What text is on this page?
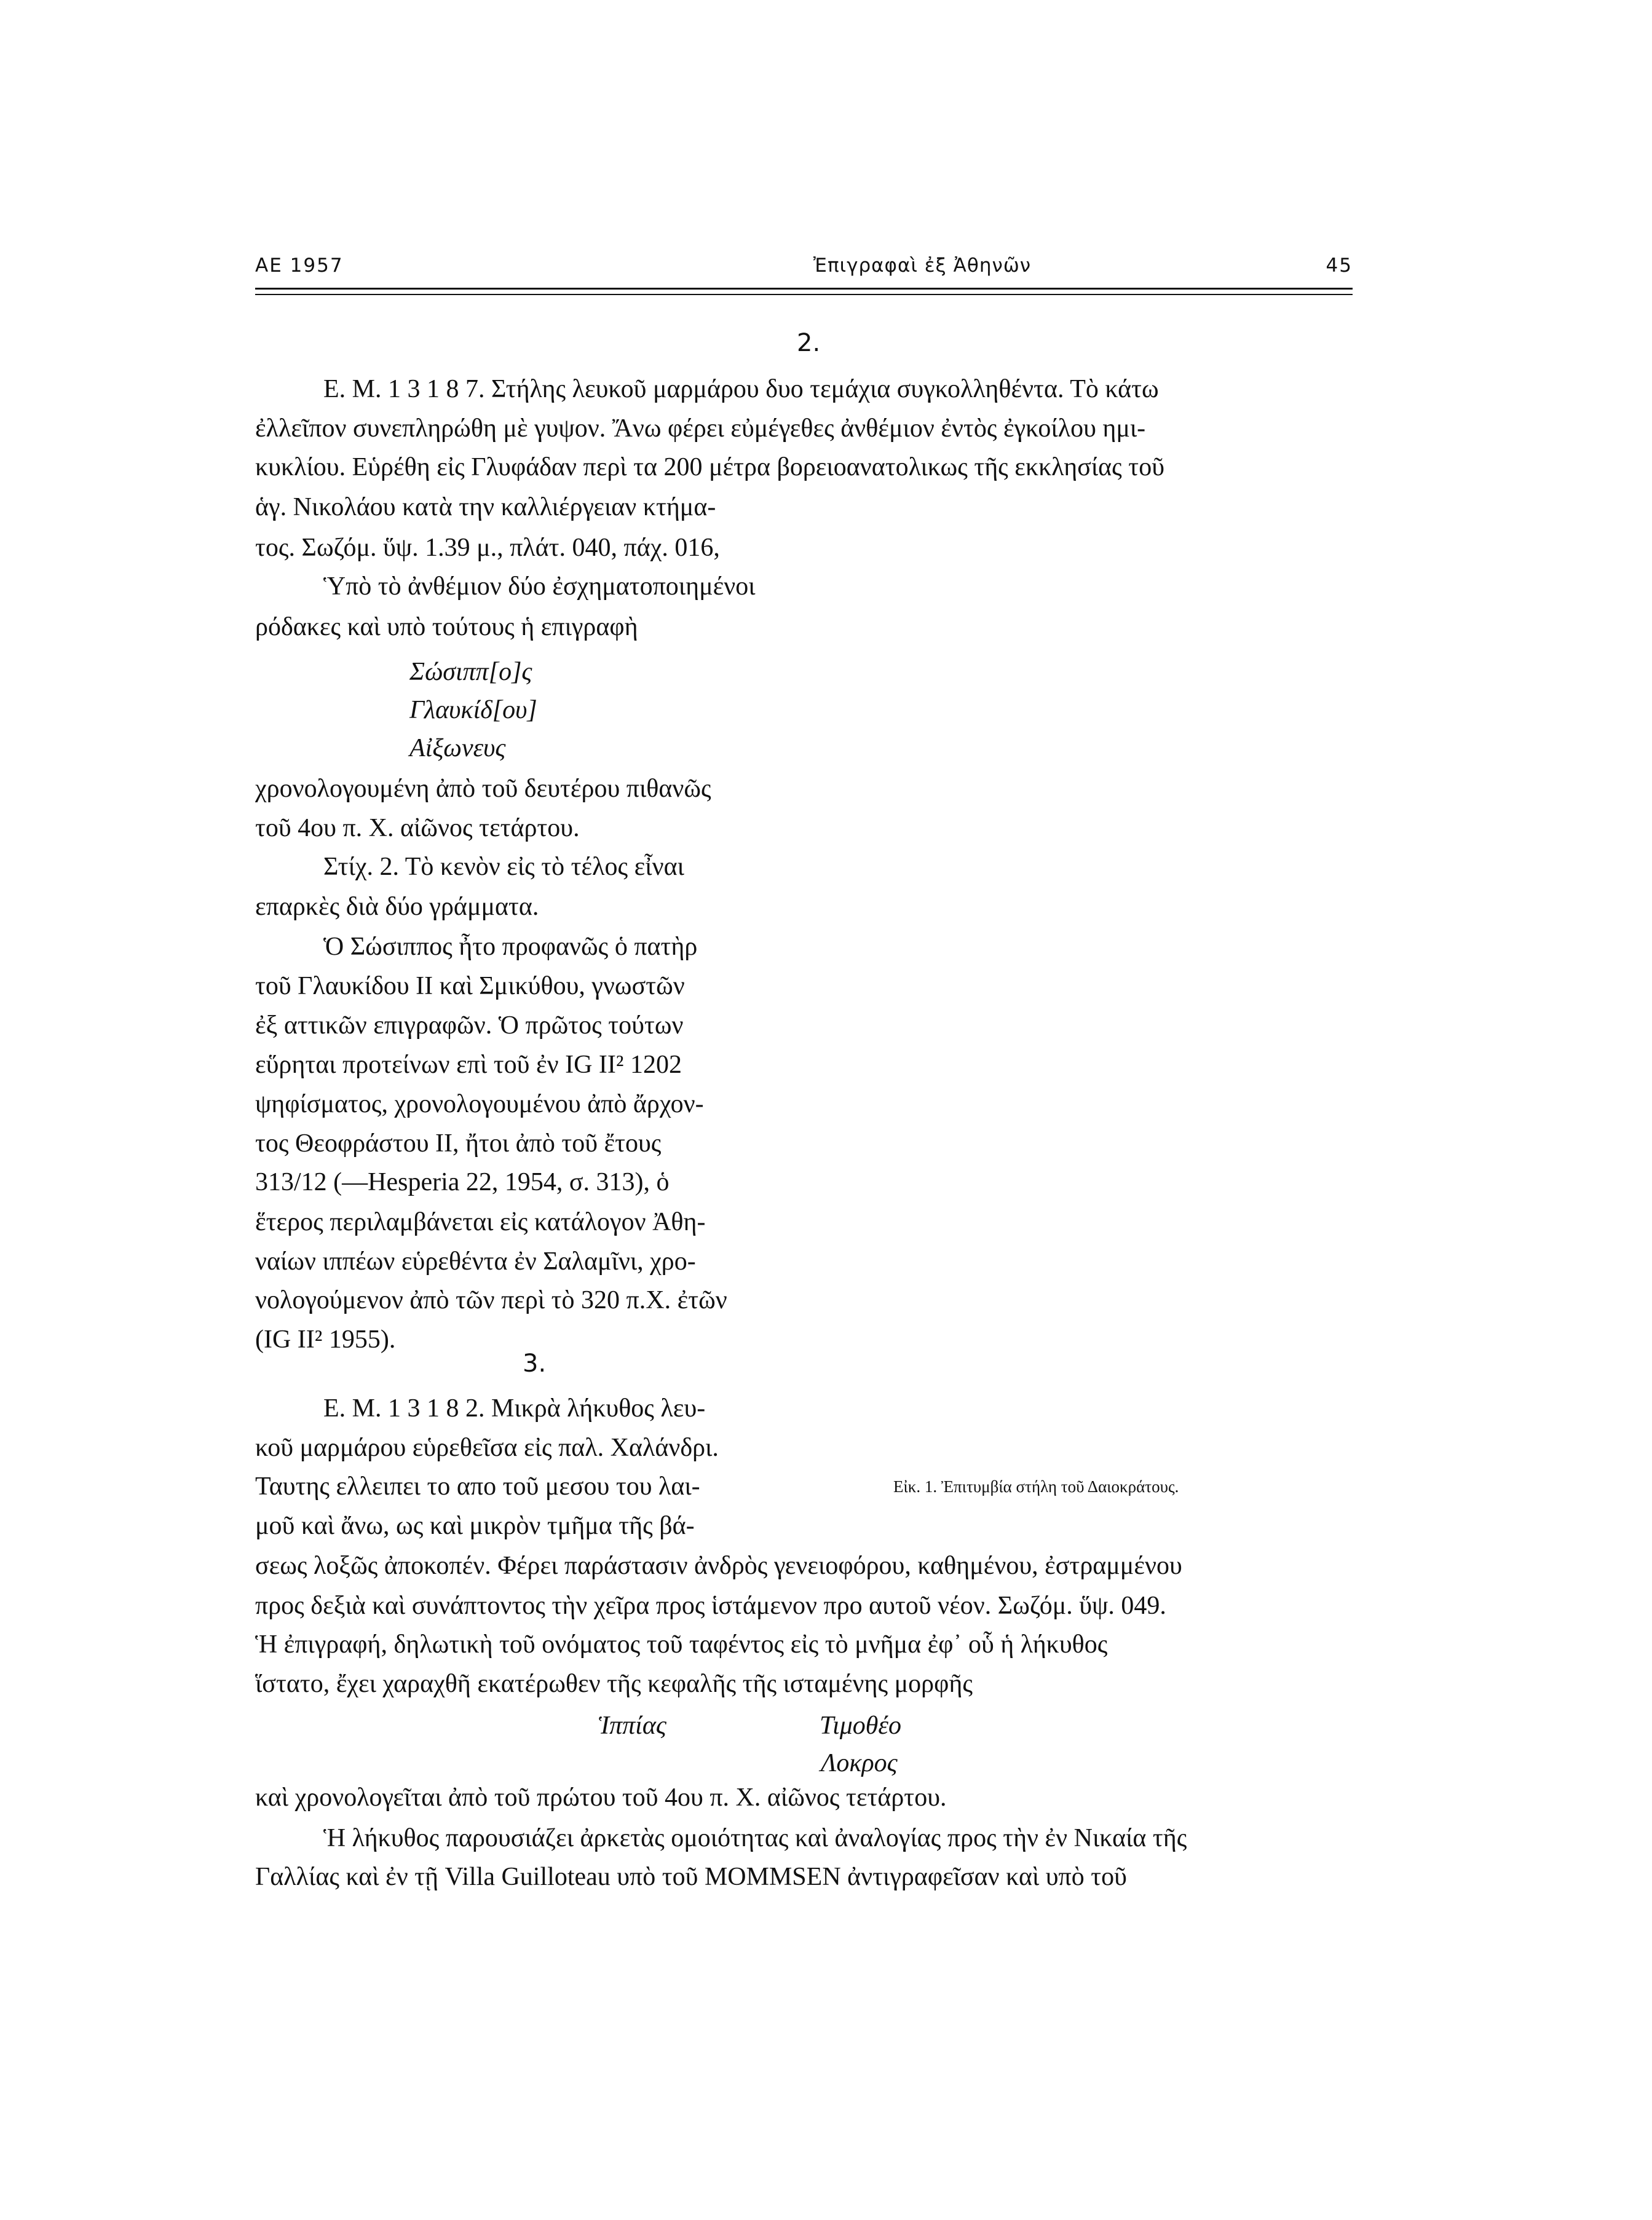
ΑΕ 1957	Ἐπιγραφαὶ ἐξ Ἀθηνῶν	45
2.
Ε. Μ. 1 3 1 8 7. Στήλης λευκοῦ μαρμάρου δυο τεμάχια συγκολληθέντα. Τὸ κάτω
ἐλλεῖπον συνεπληρώθη μὲ γυψον. Ἄνω φέρει εὐμέγεθες ἀνθέμιον ἐντὸς ἐγκοίλου ημι-
κυκλίου. Εὑρέθη εἰς Γλυφάδαν περὶ τα 200 μέτρα βορειοανατολικως τῆς εκκλησίας τοῦ
ἁγ. Νικολάου κατὰ την καλλιέργειαν κτήμα-
τος. Σωζόμ. ὕψ. 1.39 μ., πλάτ. 040, πάχ. 016,
Ὑπὸ τὸ ἀνθέμιον δύο ἐσχηματοποιημένοι
ρόδακες καὶ υπὸ τούτους ἡ επιγραφὴ
Σώσιππ[ο]ς
Γλαυκίδ[ου]
Αἰξωνευς
χρονολογουμένη ἀπὸ τοῦ δευτέρου πιθανῶς
τοῦ 4ου π. Χ. αἰῶνος τετάρτου.
Στίχ. 2. Τὸ κενὸν εἰς τὸ τέλος εἶναι
επαρκὲς διὰ δύο γράμματα.
Ὁ Σώσιππος ἦτο προφανῶς ὁ πατὴρ
τοῦ Γλαυκίδου ΙΙ καὶ Σμικύθου, γνωστῶν
ἐξ αττικῶν επιγραφῶν. Ὁ πρῶτος τούτων
εὕρηται προτείνων επὶ τοῦ ἐν IG II² 1202
ψηφίσματος, χρονολογουμένου ἀπὸ ἄρχον-
τος Θεοφράστου ΙΙ, ἤτοι ἀπὸ τοῦ ἔτους
313/12 (—Hesperia 22, 1954, σ. 313), ὁ
ἕτερος περιλαμβάνεται εἰς κατάλογον Ἀθη-
ναίων ιππέων εὑρεθέντα ἐν Σαλαμῖνι, χρο-
νολογούμενον ἀπὸ τῶν περὶ τὸ 320 π.Χ. ἐτῶν
(IG II² 1955).
3.
Ε. Μ. 1 3 1 8 2. Μικρὰ λήκυθος λευ-
κοῦ μαρμάρου εὑρεθεῖσα εἰς παλ. Χαλάνδρι.
Ταυτης ελλειπει το απο τοῦ μεσου του λαι-
μοῦ καὶ ἄνω, ως καὶ μικρὸν τμῆμα τῆς βά-
σεως λοξῶς ἀποκοπέν. Φέρει παράστασιν ἀνδρὸς γενειοφόρου, καθημένου, ἐστραμμένου
προς δεξιὰ καὶ συνάπτοντος τὴν χεῖρα προς ἱστάμενον προ αυτοῦ νέον. Σωζόμ. ὕψ. 049.
Ἡ ἐπιγραφή, δηλωτικὴ τοῦ ονόματος τοῦ ταφέντος εἰς τὸ μνῆμα ἐφ᾿ οὗ ἡ λήκυθος
ἵστατο, ἔχει χαραχθῆ εκατέρωθεν τῆς κεφαλῆς τῆς ισταμένης μορφῆς
Ἱππίας	Τιμοθέο
Λοκρος
καὶ χρονολογεῖται ἀπὸ τοῦ πρώτου τοῦ 4ου π. Χ. αἰῶνος τετάρτου.
Ἡ λήκυθος παρουσιάζει ἀρκετὰς ομοιότητας καὶ ἀναλογίας προς τὴν ἐν Νικαία τῆς
Γαλλίας καὶ ἐν τῇ Villa Guilloteau υπὸ τοῦ MOMMSEN ἀντιγραφεῖσαν καὶ υπὸ τοῦ
Εἰκ. 1. Ἐπιτυμβία στήλη τοῦ Δαιοκράτους.
